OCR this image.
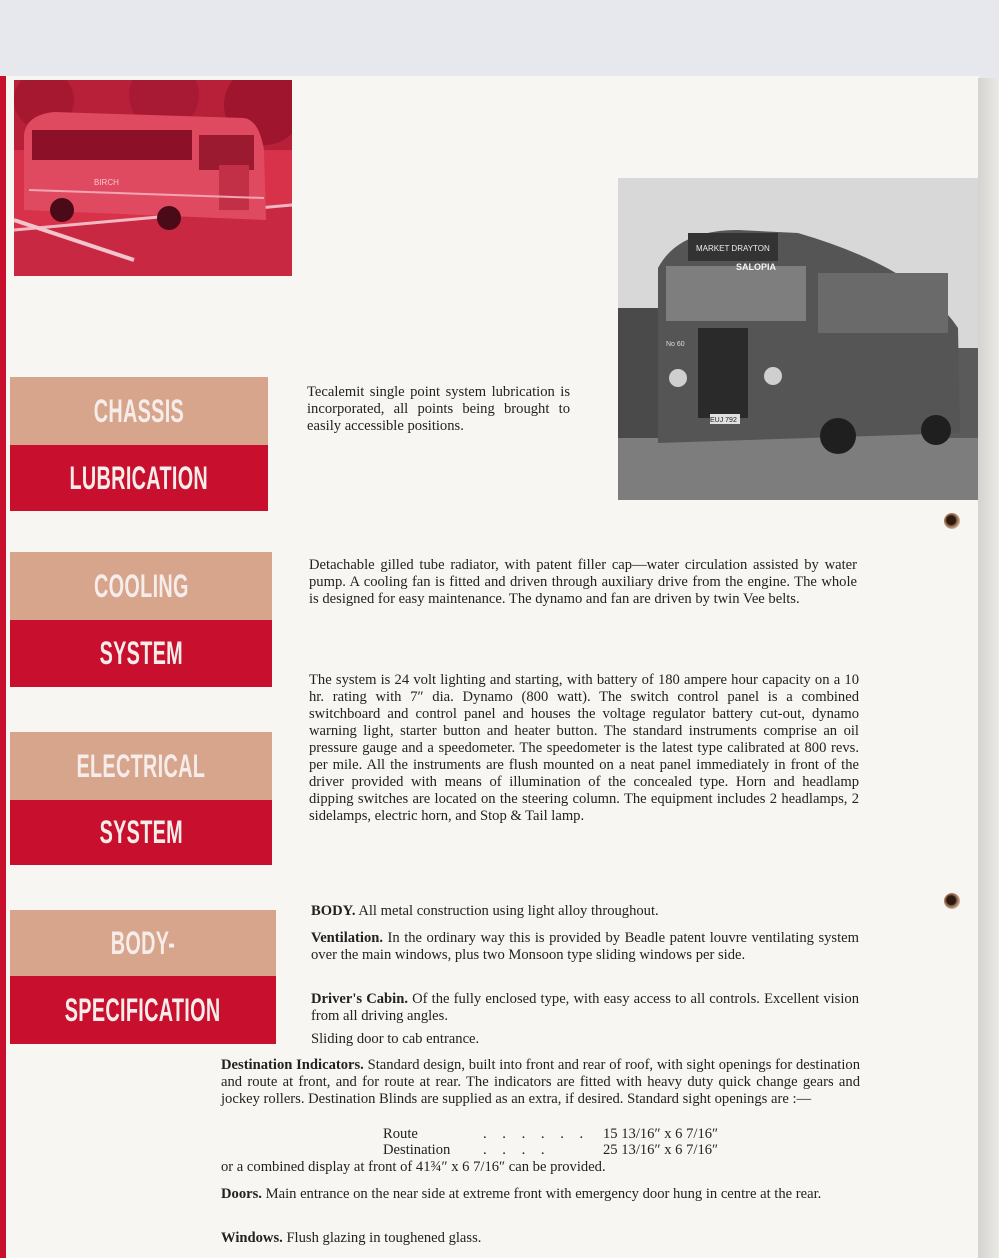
BIRCH
MARKET DRAYTON
SALOPIA
No 60
EUJ 792
CHASSIS
LUBRICATION
COOLING
SYSTEM
ELECTRICAL
SYSTEM
BODY-
SPECIFICATION

Tecalemit single point system lubrication is incorporated, all points being brought to easily accessible positions.

Detachable gilled tube radiator, with patent filler cap—water circulation assisted by water pump. A cooling fan is fitted and driven through auxiliary drive from the engine. The whole is designed for easy maintenance. The dynamo and fan are driven by twin Vee belts.

The system is 24 volt lighting and starting, with battery of 180 ampere hour capacity on a 10 hr. rating with 7″ dia. Dynamo (800 watt). The switch control panel is a combined switchboard and control panel and houses the voltage regulator battery cut-out, dynamo warning light, starter button and heater button. The standard instruments comprise an oil pressure gauge and a speedometer. The speedometer is the latest type calibrated at 800 revs. per mile. All the instruments are flush mounted on a neat panel immediately in front of the driver provided with means of illumination of the concealed type. Horn and headlamp dipping switches are located on the steering column. The equipment includes 2 headlamps, 2 sidelamps, electric horn, and Stop & Tail lamp.

BODY. All metal construction using light alloy throughout.

Ventilation. In the ordinary way this is provided by Beadle patent louvre ventilating system over the main windows, plus two Monsoon type sliding windows per side.

Driver's Cabin. Of the fully enclosed type, with easy access to all controls. Excellent vision from all driving angles.

Sliding door to cab entrance.

Destination Indicators. Standard design, built into front and rear of roof, with sight openings for destination and route at front, and for route at rear. The indicators are fitted with heavy duty quick change gears and jockey rollers. Destination Blinds are supplied as an extra, if desired. Standard sight openings are :—

Route	. . . . . . 15 13/16″ x 6 7/16″
Destination	. . . .	25 13/16″ x 6 7/16″

or a combined display at front of 41¾″ x 6 7/16″ can be provided.

Doors. Main entrance on the near side at extreme front with emergency door hung in centre at the rear.

Windows. Flush glazing in toughened glass.
